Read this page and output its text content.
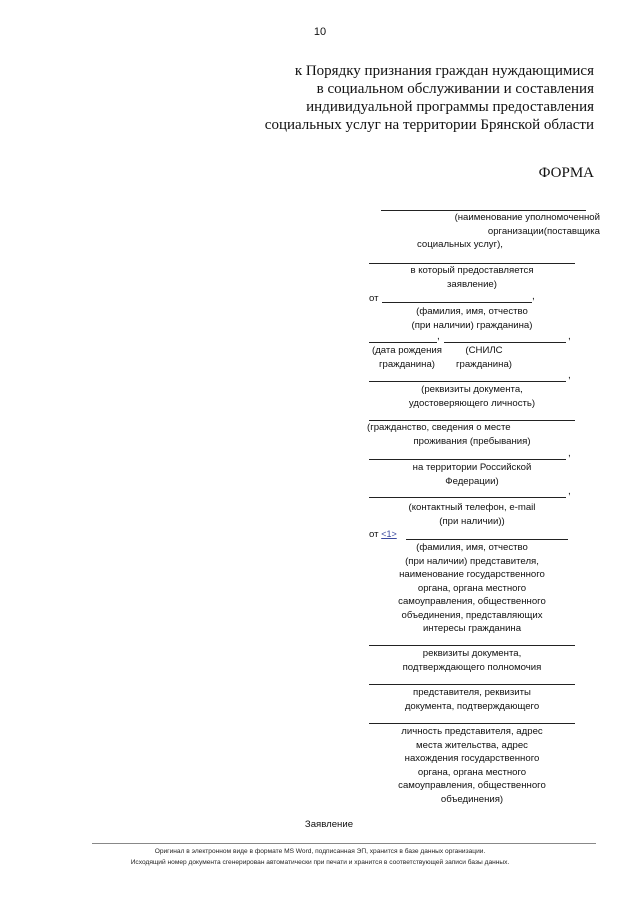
10
к Порядку признания граждан нуждающимися
в социальном обслуживании и составления
индивидуальной программы предоставления
социальных услуг на территории Брянской области
ФОРМА
(наименование уполномоченной
организации(поставщика
социальных услуг),
в который предоставляется
заявление)
от	,
(фамилия, имя, отчество
(при наличии) гражданина)
,	,
(дата рождения
гражданина)
(СНИЛС
гражданина)
,
(реквизиты документа,
удостоверяющего личность)
(гражданство, сведения о месте
проживания (пребывания)
,
на территории Российской
Федерации)
,
(контактный телефон, e-mail
(при наличии))
от <1>
(фамилия, имя, отчество
(при наличии) представителя,
наименование государственного
органа, органа местного
самоуправления, общественного
объединения, представляющих
интересы гражданина
реквизиты документа,
подтверждающего полномочия
представителя, реквизиты
документа, подтверждающего
личность представителя, адрес
места жительства, адрес
нахождения государственного
органа, органа местного
самоуправления, общественного
объединения)
Заявление
Оригинал в электронном виде в формате MS Word, подписанная ЭП, хранится в базе данных организации.
Исходящий номер документа сгенерирован автоматически при печати и хранится в соответствующей записи базы данных.
